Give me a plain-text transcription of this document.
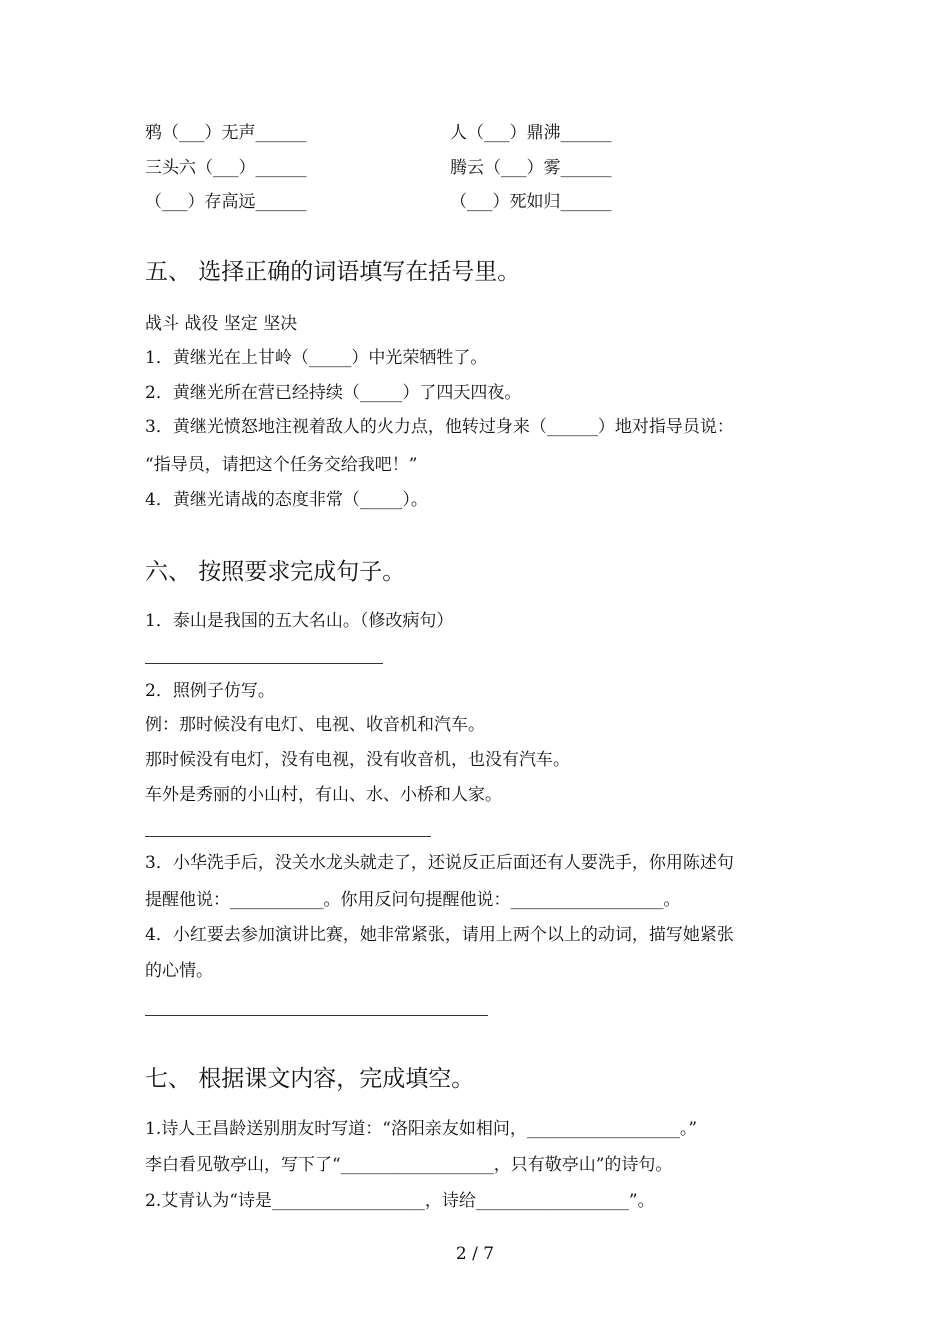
鸦（___）无声______	人（___）鼎沸______
三头六（___）______	腾云（___）雾______
（___）存高远______	（___）死如归______
五、 选择正确的词语填写在括号里。
战斗 战役 坚定 坚决
1．黄继光在上甘岭（_____）中光荣牺牲了。
2．黄继光所在营已经持续（_____）了四天四夜。
3．黄继光愤怒地注视着敌人的火力点，他转过身来（______）地对指导员说：
“指导员，请把这个任务交给我吧！”
4．黄继光请战的态度非常（_____）。
六、 按照要求完成句子。
1．泰山是我国的五大名山。（修改病句）
2．照例子仿写。
例：那时候没有电灯、电视、收音机和汽车。
那时候没有电灯，没有电视，没有收音机，也没有汽车。
车外是秀丽的小山村，有山、水、小桥和人家。
3．小华洗手后，没关水龙头就走了，还说反正后面还有人要洗手，你用陈述句
提醒他说：___________。你用反问句提醒他说：__________________。
4．小红要去参加演讲比赛，她非常紧张，请用上两个以上的动词，描写她紧张
的心情。
七、 根据课文内容，完成填空。
1.诗人王昌龄送别朋友时写道：“洛阳亲友如相问，__________________。”
李白看见敬亭山，写下了“__________________，只有敬亭山”的诗句。
2.艾青认为“诗是__________________，诗给__________________”。
2 / 7
